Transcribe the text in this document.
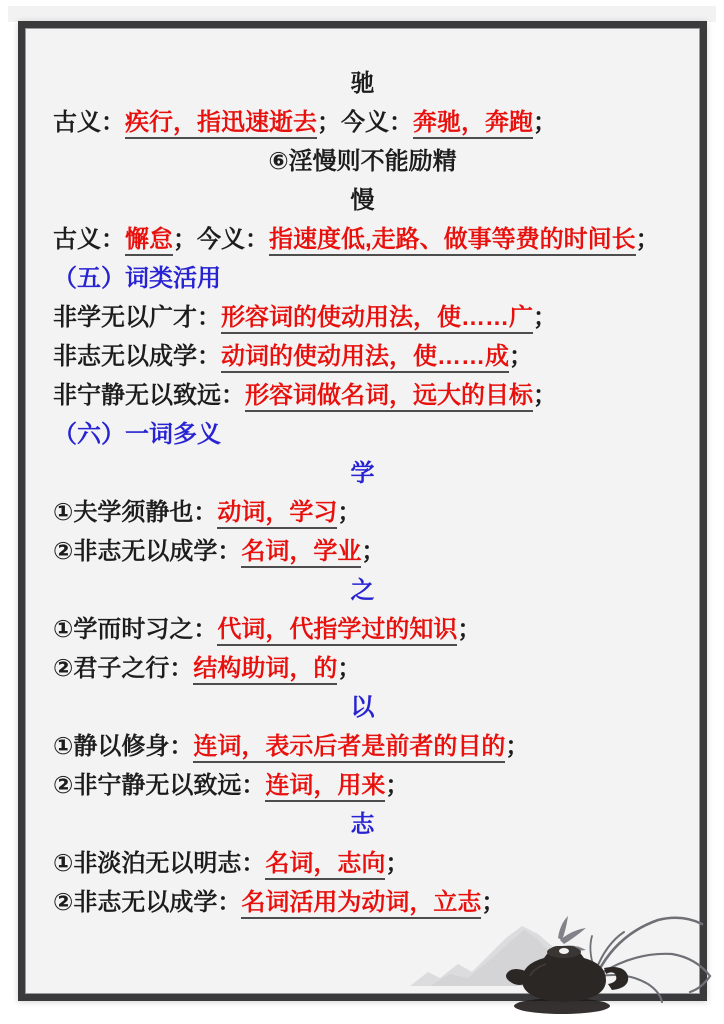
驰
古义：疾行，指迅速逝去；今义：奔驰，奔跑；
⑥淫慢则不能励精
慢
古义：懈怠；今义：指速度低,走路、做事等费的时间长；
（五）词类活用
非学无以广才：形容词的使动用法，使……广；
非志无以成学：动词的使动用法，使……成；
非宁静无以致远：形容词做名词，远大的目标；
（六）一词多义
学
①夫学须静也：动词，学习；
②非志无以成学：名词，学业；
之
①学而时习之：代词，代指学过的知识；
②君子之行：结构助词，的；
以
①静以修身：连词，表示后者是前者的目的；
②非宁静无以致远：连词，用来；
志
①非淡泊无以明志：名词，志向；
②非志无以成学：名词活用为动词，立志；
